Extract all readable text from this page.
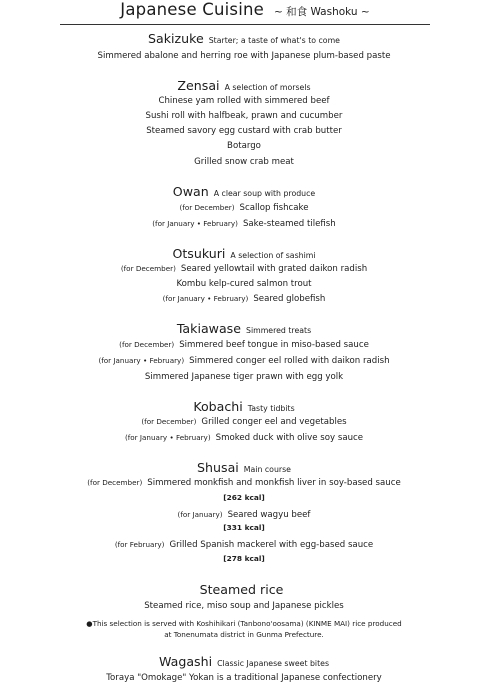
Japanese Cuisine ~ 和食 Washoku ~
Sakizuke Starter; a taste of what's to come
Simmered abalone and herring roe with Japanese plum-based paste
Zensai A selection of morsels
Chinese yam rolled with simmered beef
Sushi roll with halfbeak, prawn and cucumber
Steamed savory egg custard with crab butter
Botargo
Grilled snow crab meat
Owan A clear soup with produce
(for December) Scallop fishcake
(for January • February) Sake-steamed tilefish
Otsukuri A selection of sashimi
(for December) Seared yellowtail with grated daikon radish
Kombu kelp-cured salmon trout
(for January • February) Seared globefish
Takiawase Simmered treats
(for December) Simmered beef tongue in miso-based sauce
(for January • February) Simmered conger eel rolled with daikon radish
Simmered Japanese tiger prawn with egg yolk
Kobachi Tasty tidbits
(for December) Grilled conger eel and vegetables
(for January • February) Smoked duck with olive soy sauce
Shusai Main course
(for December) Simmered monkfish and monkfish liver in soy-based sauce
[262 kcal]
(for January) Seared wagyu beef
[331 kcal]
(for February) Grilled Spanish mackerel with egg-based sauce
[278 kcal]
Steamed rice
Steamed rice, miso soup and Japanese pickles
●This selection is served with Koshihikari (Tanbono'oosama) (KINME MAI) rice produced
at Tonenumata district in Gunma Prefecture.
Wagashi Classic Japanese sweet bites
Toraya "Omokage" Yokan is a traditional Japanese confectionery
